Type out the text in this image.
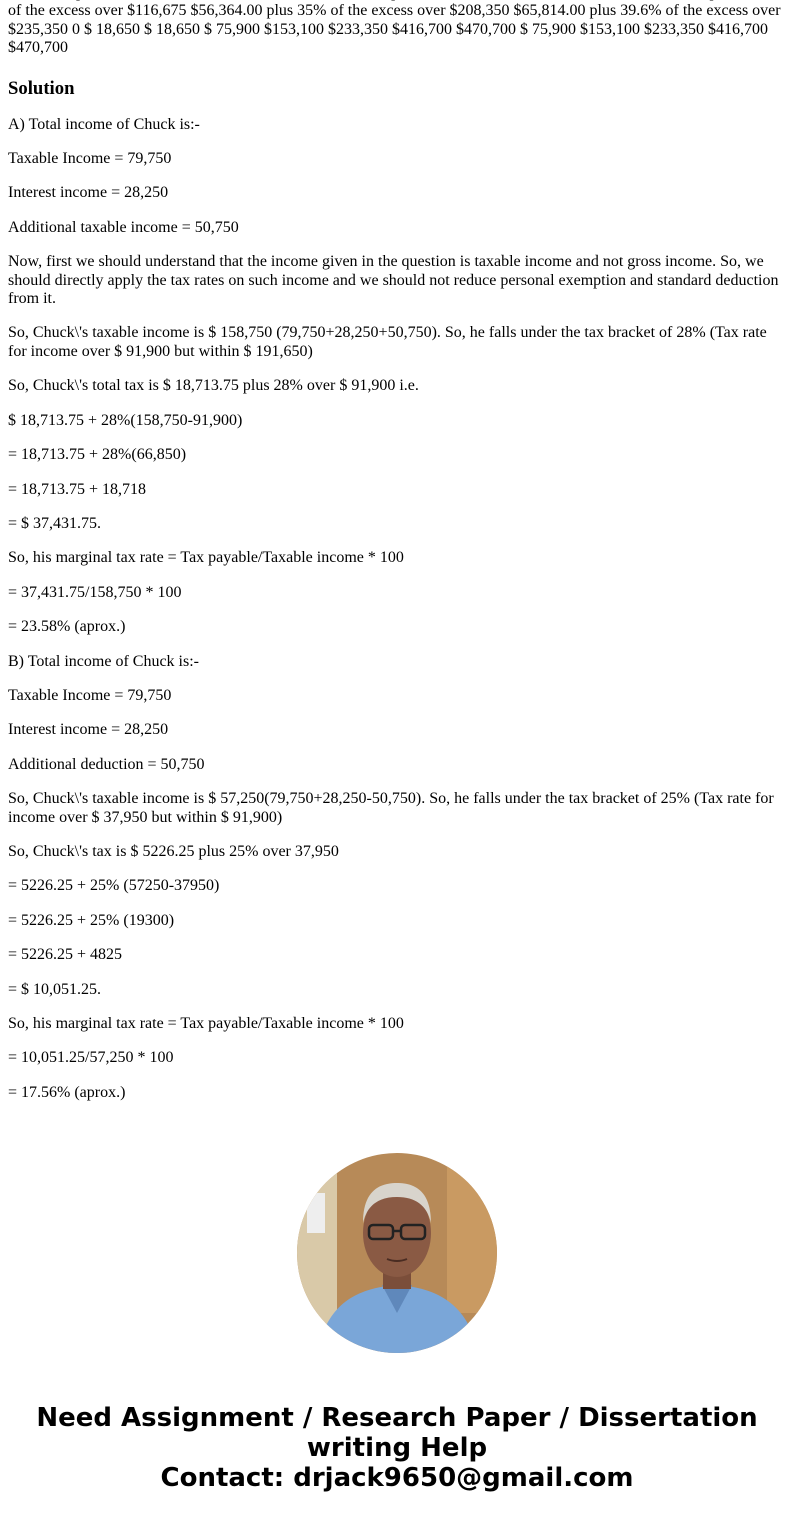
of the excess over $116,675 $56,364.00 plus 35% of the excess over $208,350 $65,814.00 plus 39.6% of the excess over $235,350 0 $ 18,650 $ 18,650 $ 75,900 $153,100 $233,350 $416,700 $470,700 $ 75,900 $153,100 $233,350 $416,700 $470,700

Solution

A) Total income of Chuck is:-

Taxable Income = 79,750

Interest income = 28,250

Additional taxable income = 50,750

Now, first we should understand that the income given in the question is taxable income and not gross income. So, we should directly apply the tax rates on such income and we should not reduce personal exemption and standard deduction from it.

So, Chuck\'s taxable income is $ 158,750 (79,750+28,250+50,750). So, he falls under the tax bracket of 28% (Tax rate for income over $ 91,900 but within $ 191,650)

So, Chuck\'s total tax is $ 18,713.75 plus 28% over $ 91,900 i.e.

$ 18,713.75 + 28%(158,750-91,900)

= 18,713.75 + 28%(66,850)

= 18,713.75 + 18,718

= $ 37,431.75.

So, his marginal tax rate = Tax payable/Taxable income * 100

= 37,431.75/158,750 * 100

= 23.58% (aprox.)

B) Total income of Chuck is:-

Taxable Income = 79,750

Interest income = 28,250

Additional deduction = 50,750

So, Chuck\'s taxable income is $ 57,250(79,750+28,250-50,750). So, he falls under the tax bracket of 25% (Tax rate for income over $ 37,950 but within $ 91,900)

So, Chuck\'s tax is $ 5226.25 plus 25% over 37,950

= 5226.25 + 25% (57250-37950)

= 5226.25 + 25% (19300)

= 5226.25 + 4825

= $ 10,051.25.

So, his marginal tax rate = Tax payable/Taxable income * 100

= 10,051.25/57,250 * 100

= 17.56% (aprox.)

Need Assignment / Research Paper / Dissertation
writing Help
Contact: drjack9650@gmail.com
